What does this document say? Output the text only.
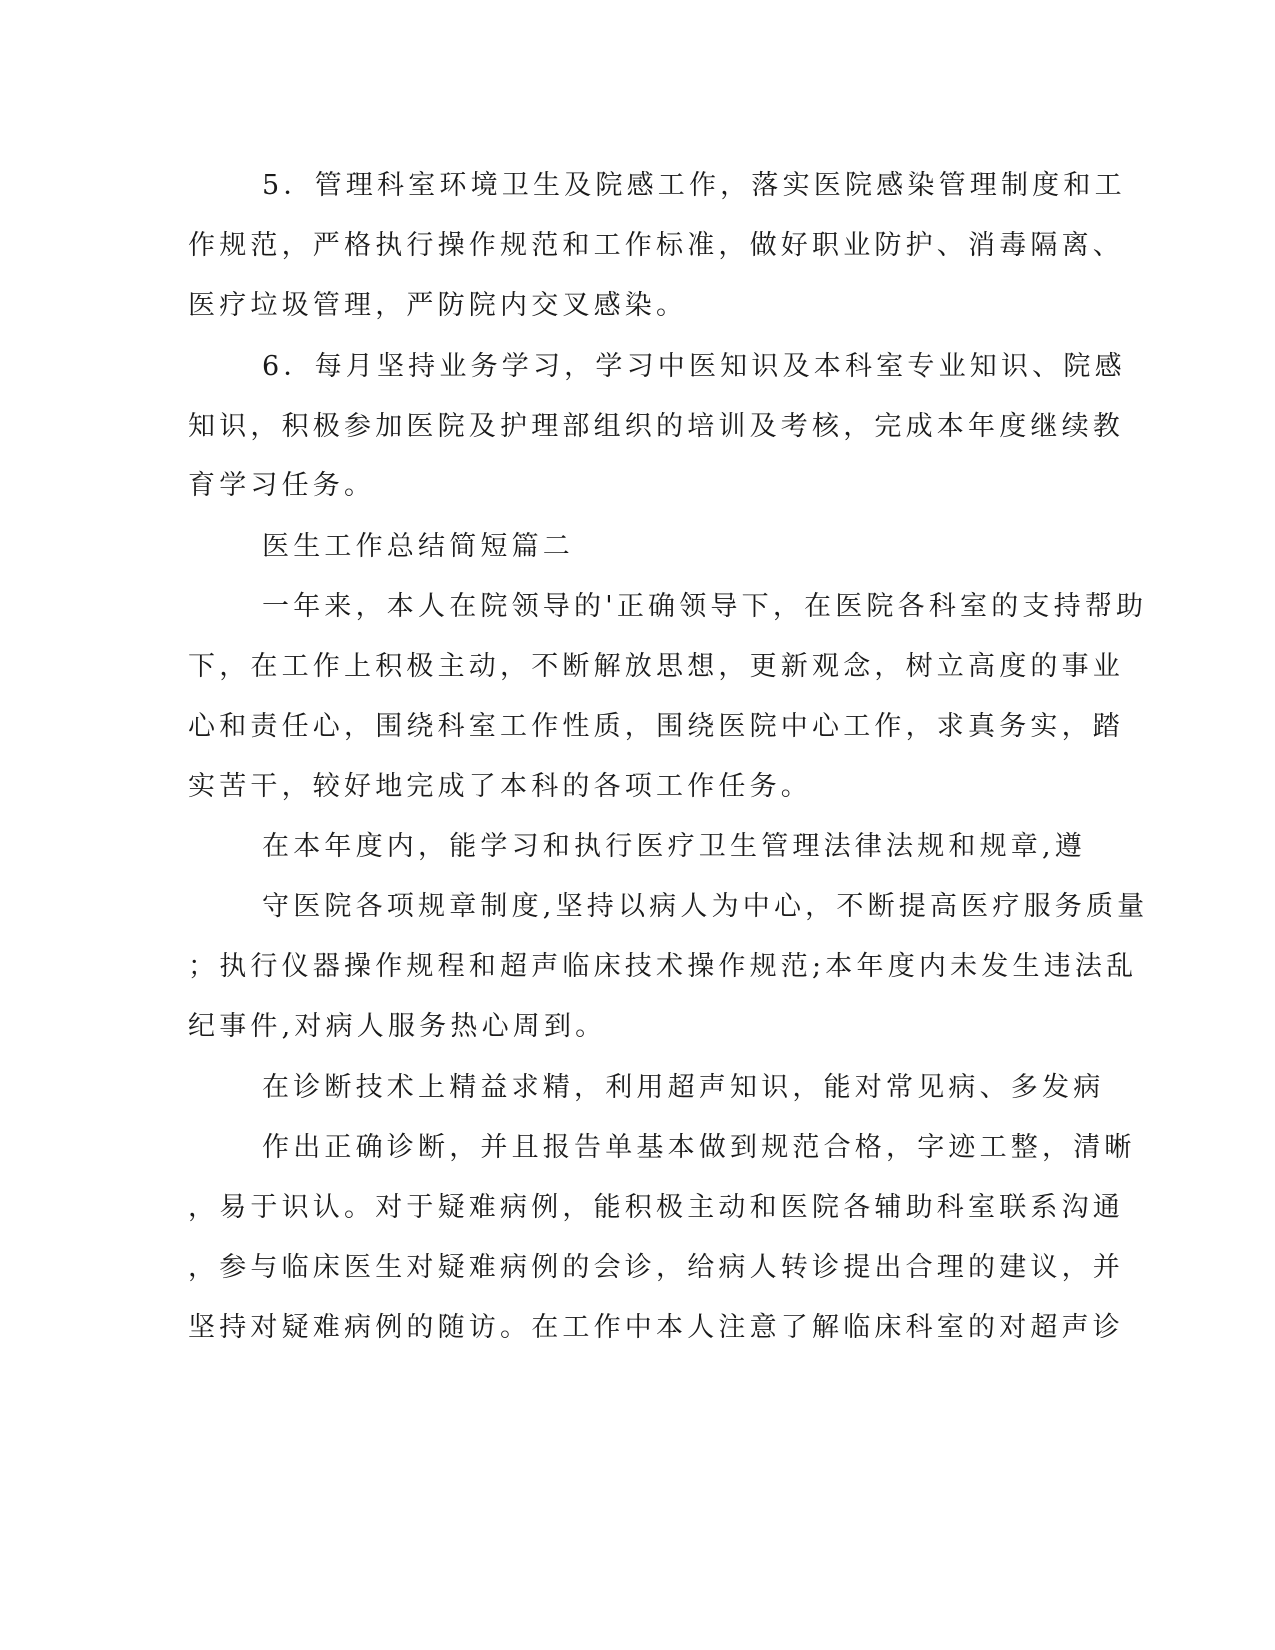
5．管理科室环境卫生及院感工作，落实医院感染管理制度和工
作规范，严格执行操作规范和工作标准，做好职业防护、消毒隔离、
医疗垃圾管理，严防院内交叉感染。
6．每月坚持业务学习，学习中医知识及本科室专业知识、院感
知识，积极参加医院及护理部组织的培训及考核，完成本年度继续教
育学习任务。
医生工作总结简短篇二
一年来，本人在院领导的'正确领导下，在医院各科室的支持帮助
下，在工作上积极主动，不断解放思想，更新观念，树立高度的事业
心和责任心，围绕科室工作性质，围绕医院中心工作，求真务实，踏
实苦干，较好地完成了本科的各项工作任务。
在本年度内，能学习和执行医疗卫生管理法律法规和规章,遵
守医院各项规章制度,坚持以病人为中心，不断提高医疗服务质量
；执行仪器操作规程和超声临床技术操作规范;本年度内未发生违法乱
纪事件,对病人服务热心周到。
在诊断技术上精益求精，利用超声知识，能对常见病、多发病
作出正确诊断，并且报告单基本做到规范合格，字迹工整，清晰
，易于识认。对于疑难病例，能积极主动和医院各辅助科室联系沟通
，参与临床医生对疑难病例的会诊，给病人转诊提出合理的建议，并
坚持对疑难病例的随访。在工作中本人注意了解临床科室的对超声诊
